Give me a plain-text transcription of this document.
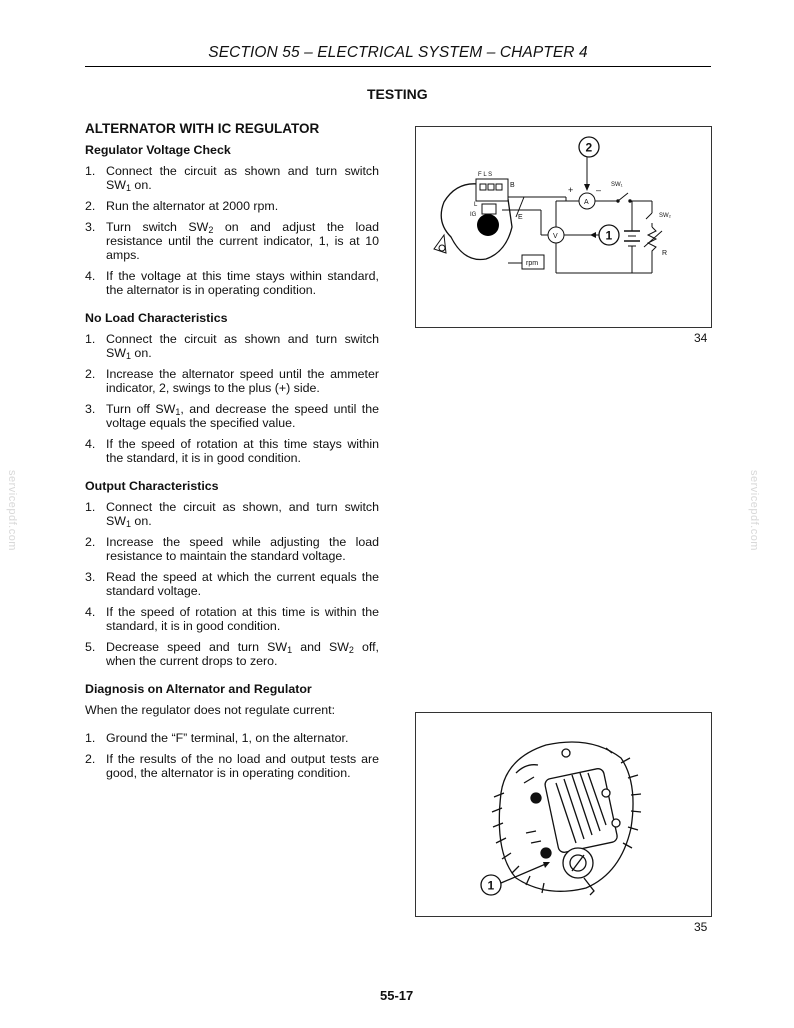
SECTION 55 – ELECTRICAL SYSTEM – CHAPTER 4
TESTING
ALTERNATOR WITH IC REGULATOR
Regulator Voltage Check
1. Connect the circuit as shown and turn switch $SW_1$ on.
2. Run the alternator at 2000 rpm.
3. Turn switch $SW_2$ on and adjust the load resistance until the current indicator, 1, is at 10 amps.
4. If the voltage at this time stays within standard, the alternator is in operating condition.
No Load Characteristics
1. Connect the circuit as shown and turn switch $SW_1$ on.
2. Increase the alternator speed until the ammeter indicator, 2, swings to the plus (+) side.
3. Turn off $SW_1$, and decrease the speed until the voltage equals the specified value.
4. If the speed of rotation at this time stays within the standard, it is in good condition.
Output Characteristics
1. Connect the circuit as shown, and turn switch $SW_1$ on.
2. Increase the speed while adjusting the load resistance to maintain the standard voltage.
3. Read the speed at which the current equals the standard voltage.
4. If the speed of rotation at this time is within the standard, it is in good condition.
5. Decrease speed and turn $SW_1$ and $SW_2$ off, when the current drops to zero.
Diagnosis on Alternator and Regulator
When the regulator does not regulate current:
1. Ground the “F” terminal, 1, on the alternator.
2. If the results of the no load and output tests are good, the alternator is in operating condition.
F L S
B
L
IG	E
A
+	– SW₁
SW₂
R
V
rpm
1
2
34
1
35
servicepdf.com	servicepdf.com
55-17
